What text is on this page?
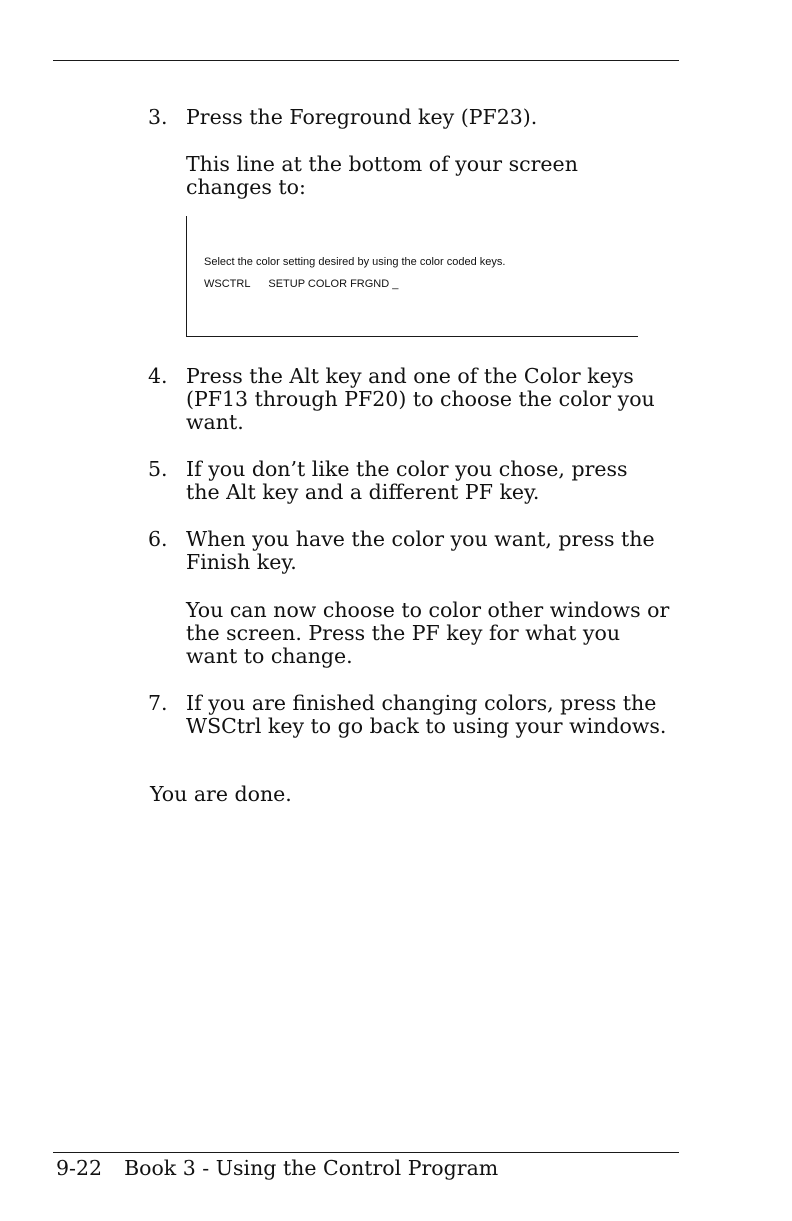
3. Press the Foreground key (PF23).
This line at the bottom of your screen changes to:
Select the color setting desired by using the color coded keys.
WSCTRL      SETUP COLOR FRGND _
4. Press the Alt key and one of the Color keys (PF13 through PF20) to choose the color you want.
5. If you don’t like the color you chose, press the Alt key and a different PF key.
6. When you have the color you want, press the Finish key.
You can now choose to color other windows or the screen. Press the PF key for what you want to change.
7. If you are finished changing colors, press the WSCtrl key to go back to using your windows.
You are done.
9-22 Book 3 - Using the Control Program
